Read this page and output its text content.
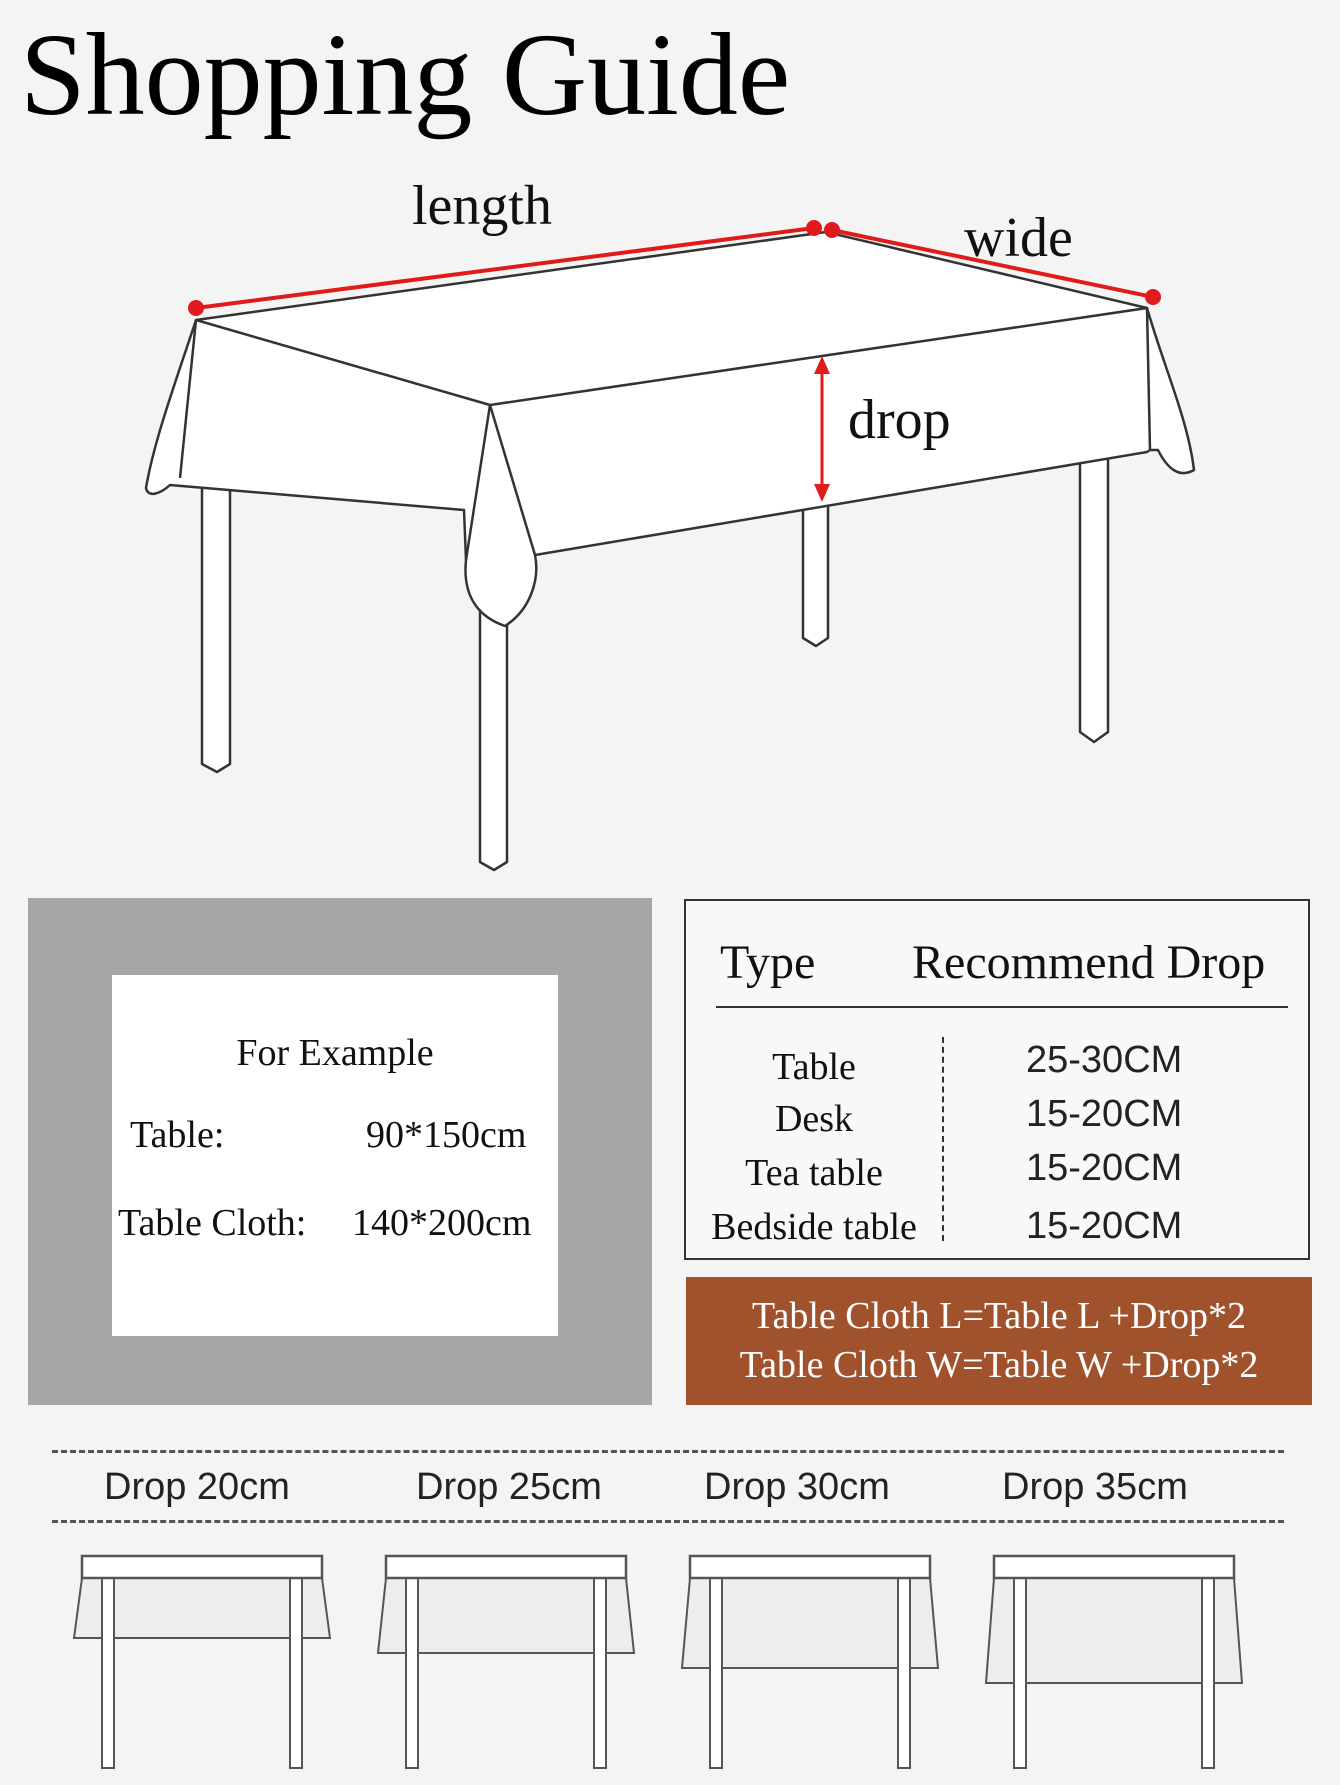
Shopping Guide
length
wide
drop
For Example
Table:	90*150cm
Table Cloth: 140*200cm
Type Recommend Drop
Table	25-30CM
Desk	15-20CM
Tea table	15-20CM
Bedside table	15-20CM
Table Cloth L=Table L +Drop*2
Table Cloth W=Table W +Drop*2
Drop 20cm	Drop 25cm	Drop 30cm	Drop 35cm
